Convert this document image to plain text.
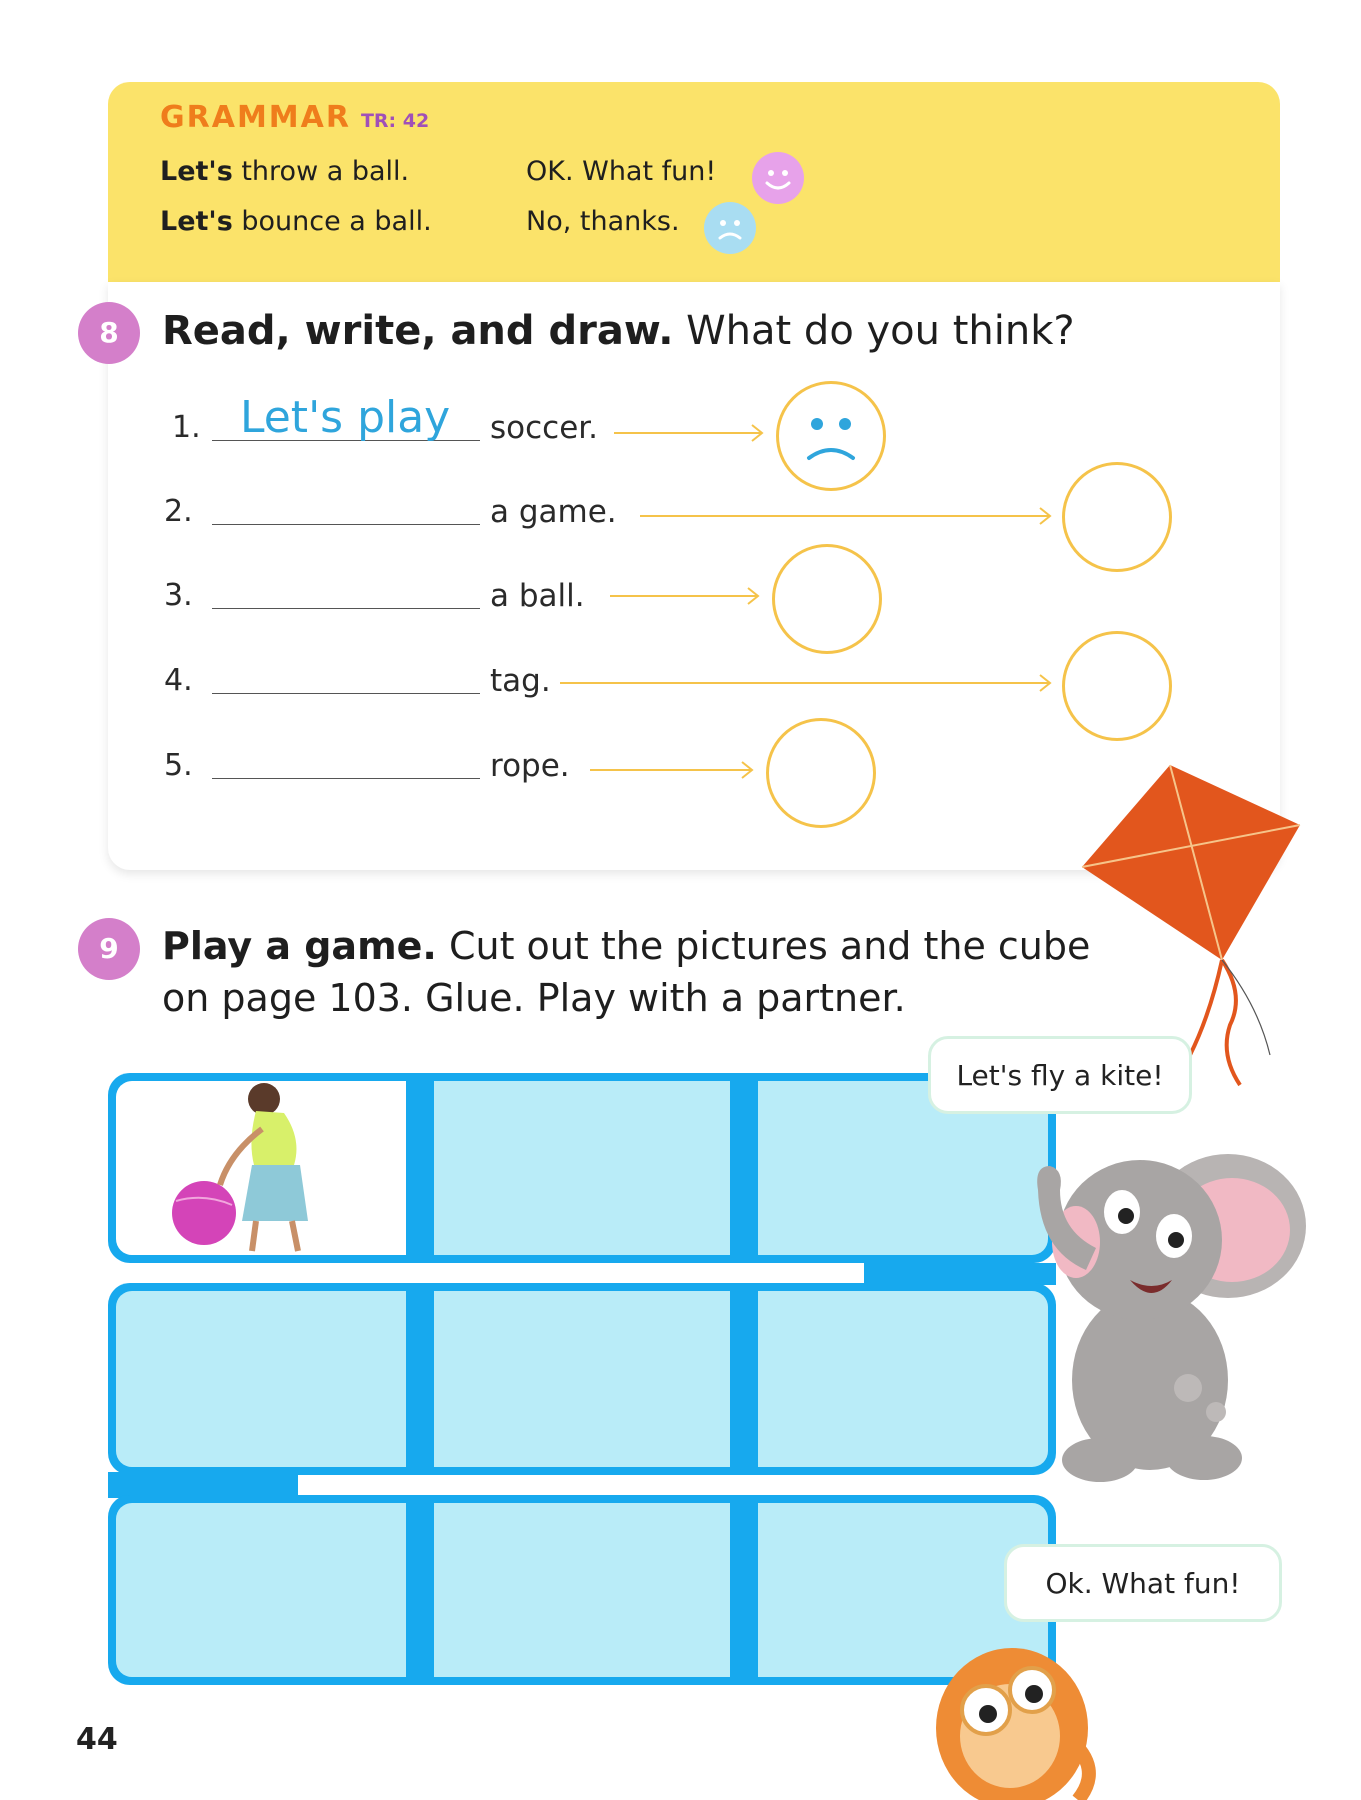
GRAMMAR TR: 42
Let's throw a ball.	OK. What fun!
Let's bounce a ball.	No, thanks.
8	Read, write, and draw. What do you think?
1. Let's play soccer.
2.	a game.
3.	a ball.
4.	tag.
5.	rope.
9	Play a game. Cut out the pictures and the cube
on page 103. Glue. Play with a partner.
Let's fly a kite!
Ok. What fun!
44
